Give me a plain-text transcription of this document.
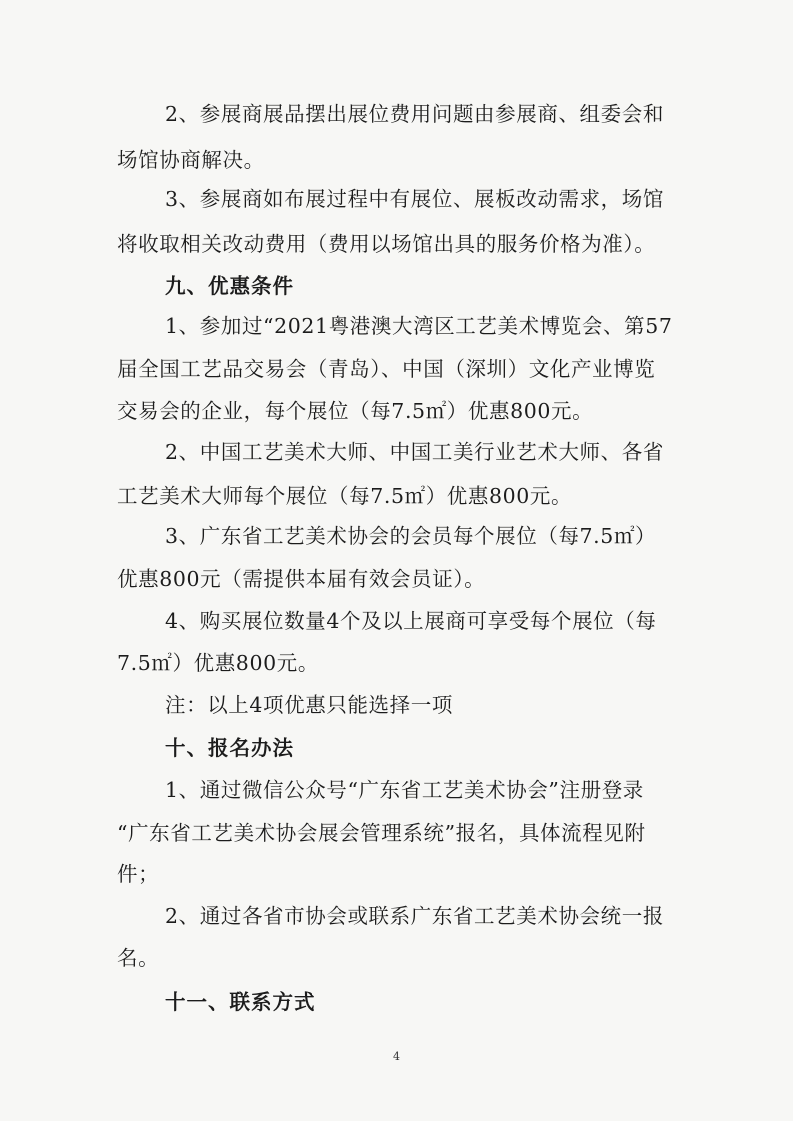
2、参展商展品摆出展位费用问题由参展商、组委会和
场馆协商解决。
3、参展商如布展过程中有展位、展板改动需求，场馆
将收取相关改动费用（费用以场馆出具的服务价格为准）。
九、优惠条件
1、参加过“2021粤港澳大湾区工艺美术博览会、第57
届全国工艺品交易会（青岛）、中国（深圳）文化产业博览
交易会的企业，每个展位（每7.5㎡）优惠800元。
2、中国工艺美术大师、中国工美行业艺术大师、各省
工艺美术大师每个展位（每7.5㎡）优惠800元。
3、广东省工艺美术协会的会员每个展位（每7.5㎡）
优惠800元（需提供本届有效会员证）。
4、购买展位数量4个及以上展商可享受每个展位（每
7.5㎡）优惠800元。
注：以上4项优惠只能选择一项
十、报名办法
1、通过微信公众号“广东省工艺美术协会”注册登录
“广东省工艺美术协会展会管理系统”报名，具体流程见附
件；
2、通过各省市协会或联系广东省工艺美术协会统一报
名。
十一、联系方式
4
